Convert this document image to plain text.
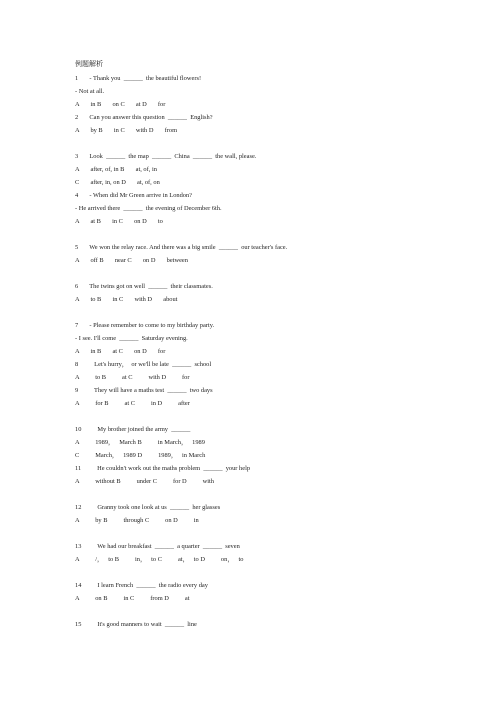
例题解析
1       - Thank you  ______  the beautiful flowers!
- Not at all.
A       in B       on C       at D       for
2       Can you answer this question  ______  English?
A       by B       in C       with D       from
3       Look  ______  the map  ______  China  ______  the wall, please.
A       after, of, in B       at, of, in
C       after, in, on D       at, of, on
4       - When did Mr Green arrive in London?
- He arrived there  ______  the evening of December 6th.
A       at B       in C       on D       to
5       We won the relay race. And there was a big smile  ______  our teacher's face.
A       off B       near C       on D       between
6       The twins got on well  ______  their classmates.
A       to B       in C       with D       about
7       - Please remember to come to my birthday party.
- I see. I'll come  ______  Saturday evening.
A       in B       at C       on D       for
8          Let's hurry，  or we'll be late  ______  school
A          to B          at C          with D          for
9          They will have a maths test  ______  two days
A          for B          at C          in D          after
10          My brother joined the army  ______
A          1989，   March B          in March，   1989
C          March，   1989 D          1989，   in March
11          He couldn't work out the maths problem  ______  your help
A          without B          under C          for D          with
12          Granny took one look at us  ______  her glasses
A          by B          through C          on D          in
13          We had our breakfast  ______  a quarter  ______  seven
A          /，   to B          in，   to C          at，   to D          on，   to
14          I learn French  ______  the radio every day
A          on B          in C          from D          at
15          It's good manners to wait  ______  line
